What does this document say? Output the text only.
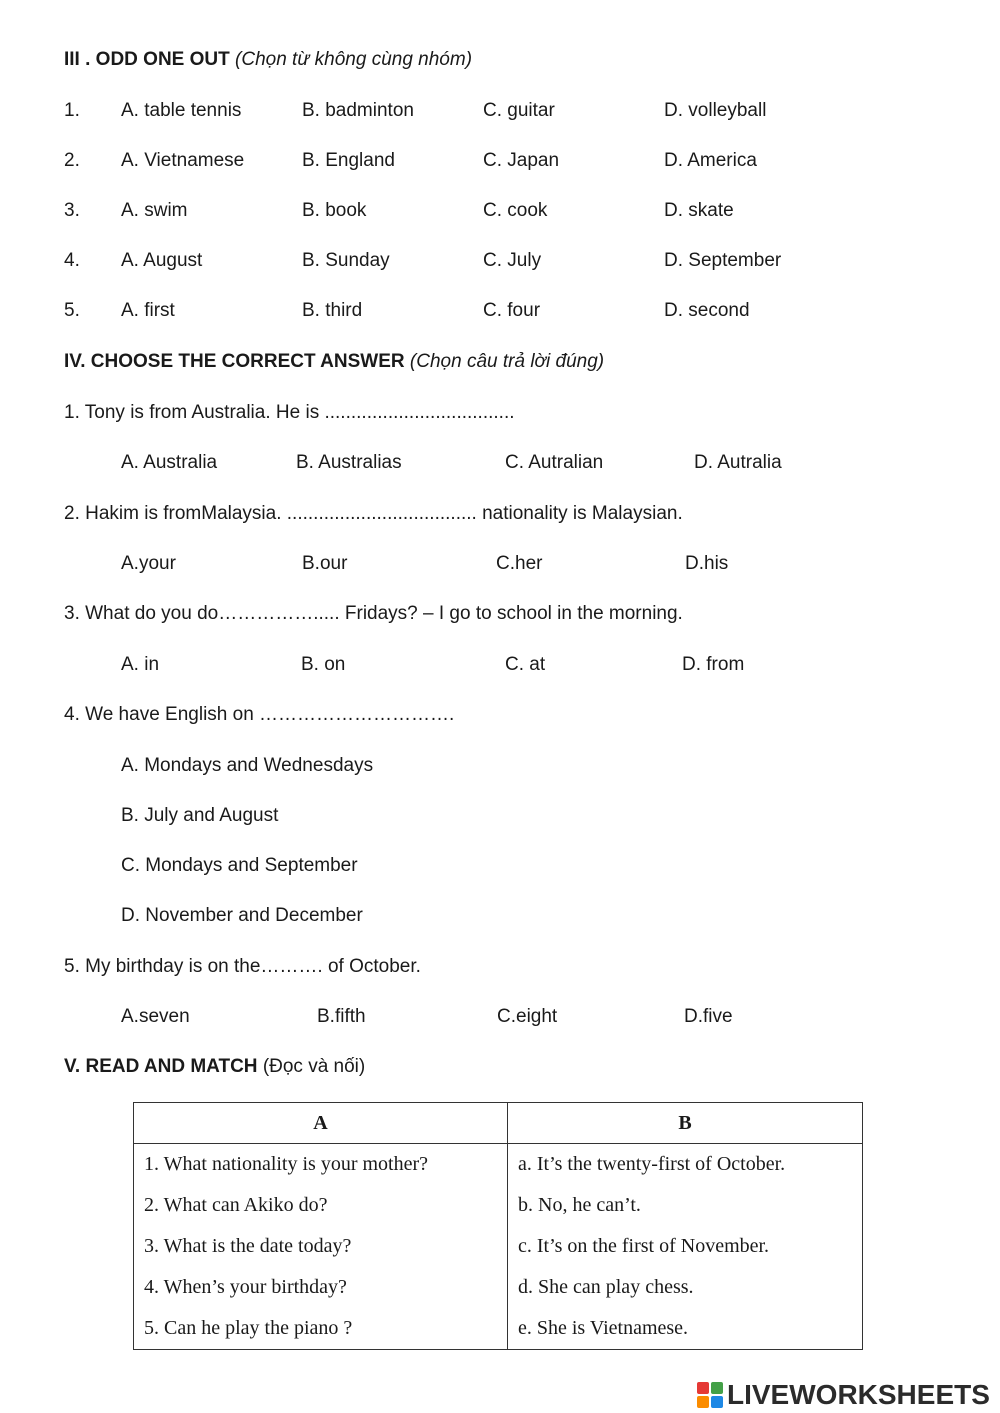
III . ODD ONE OUT (Chọn từ không cùng nhóm)
1. A. table tennis	B. badminton	C. guitar	D. volleyball
2. A. Vietnamese	B. England	C. Japan	D. America
3. A. swim	B. book	C. cook	D. skate
4. A. August	B. Sunday	C. July	D. September
5. A. first	B. third	C. four	D. second
IV. CHOOSE THE CORRECT ANSWER (Chọn câu trả lời đúng)
1. Tony is from Australia. He is ....................................
A. Australia	B. Australias	C. Autralian	D. Autralia
2. Hakim is fromMalaysia. .................................... nationality is Malaysian.
A.your	B.our	C.her	D.his
3. What do you do……………..... Fridays? – I go to school in the morning.
A. in	B. on	C. at	D. from
4. We have English on ………………………….
A. Mondays and Wednesdays
B. July and August
C. Mondays and September
D. November and December
5. My birthday is on the………. of October.
A.seven	B.fifth	C.eight	D.five
V. READ AND MATCH (Đọc và nối)
A	B
1. What nationality is your mother?	a. It’s the twenty-first of October.
2. What can Akiko do?	b. No, he can’t.
3. What is the date today?	c. It’s on the first of November.
4. When’s your birthday?	d. She can play chess.
5. Can he play the piano ?	e. She is Vietnamese.
LIVEWORKSHEETS
